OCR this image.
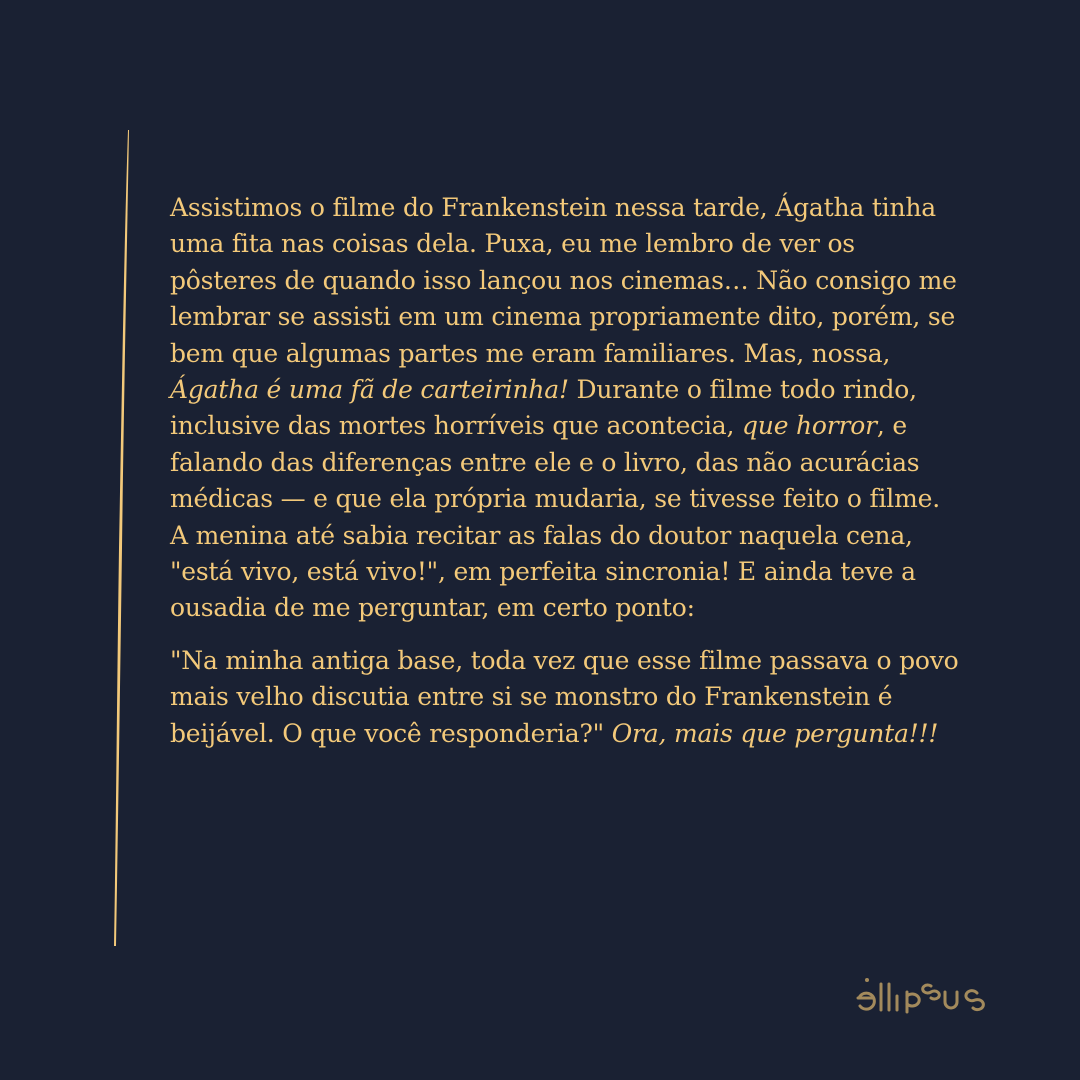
Assistimos o filme do Frankenstein nessa tarde, Ágatha tinha uma fita nas coisas dela. Puxa, eu me lembro de ver os pôsteres de quando isso lançou nos cinemas… Não consigo me lembrar se assisti em um cinema propriamente dito, porém, se bem que algumas partes me eram familiares. Mas, nossa, Ágatha é uma fã de carteirinha! Durante o filme todo rindo, inclusive das mortes horríveis que acontecia, que horror, e falando das diferenças entre ele e o livro, das não acurácias médicas — e que ela própria mudaria, se tivesse feito o filme. A menina até sabia recitar as falas do doutor naquela cena, "está vivo, está vivo!", em perfeita sincronia! E ainda teve a ousadia de me perguntar, em certo ponto:

"Na minha antiga base, toda vez que esse filme passava o povo mais velho discutia entre si se monstro do Frankenstein é beijável. O que você responderia?" Ora, mais que pergunta!!!
